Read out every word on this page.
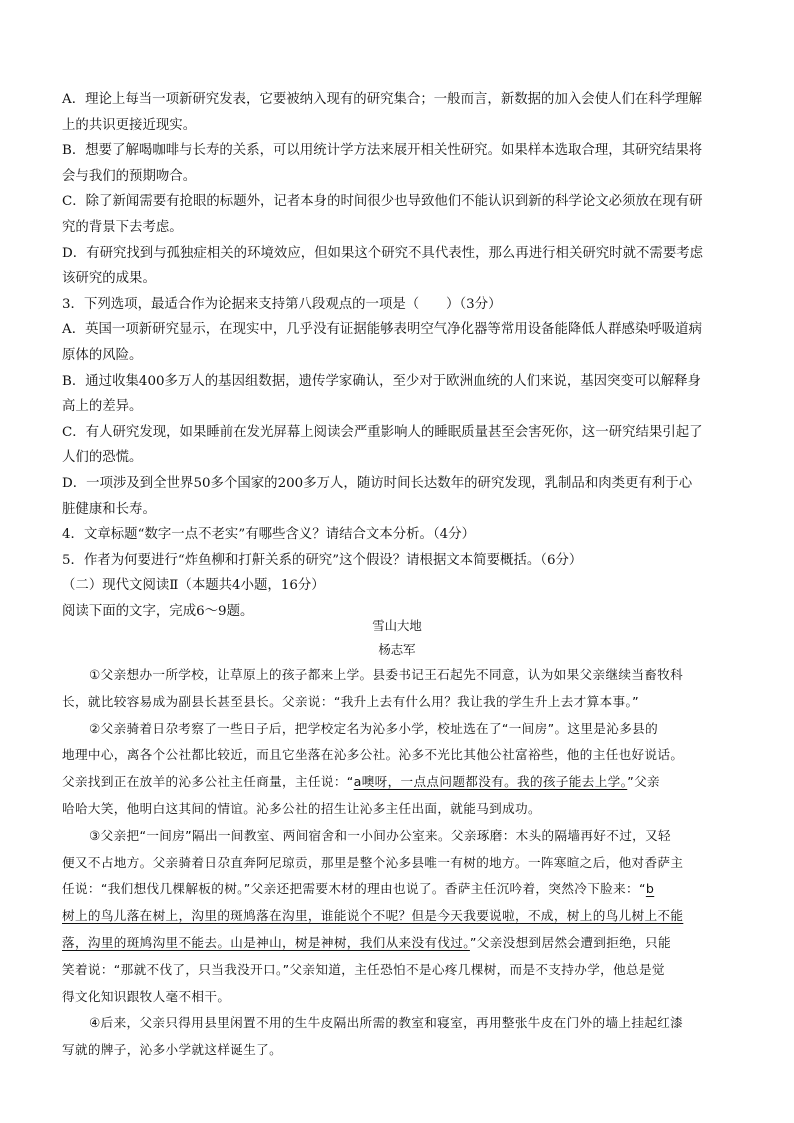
A．理论上每当一项新研究发表，它要被纳入现有的研究集合；一般而言，新数据的加入会使人们在科学理解
上的共识更接近现实。
B．想要了解喝咖啡与长寿的关系，可以用统计学方法来展开相关性研究。如果样本选取合理，其研究结果将
会与我们的预期吻合。
C．除了新闻需要有抢眼的标题外，记者本身的时间很少也导致他们不能认识到新的科学论文必须放在现有研
究的背景下去考虑。
D．有研究找到与孤独症相关的环境效应，但如果这个研究不具代表性，那么再进行相关研究时就不需要考虑
该研究的成果。
3．下列选项，最适合作为论据来支持第八段观点的一项是（　　）（3分）
A．英国一项新研究显示，在现实中，几乎没有证据能够表明空气净化器等常用设备能降低人群感染呼吸道病
原体的风险。
B．通过收集400多万人的基因组数据，遗传学家确认，至少对于欧洲血统的人们来说，基因突变可以解释身
高上的差异。
C．有人研究发现，如果睡前在发光屏幕上阅读会严重影响人的睡眠质量甚至会害死你，这一研究结果引起了
人们的恐慌。
D．一项涉及到全世界50多个国家的200多万人，随访时间长达数年的研究发现，乳制品和肉类更有利于心
脏健康和长寿。
4．文章标题“数字一点不老实”有哪些含义？请结合文本分析。（4分）
5．作者为何要进行“炸鱼柳和打鼾关系的研究”这个假设？请根据文本简要概括。（6分）
（二）现代文阅读Ⅱ（本题共4小题，16分）
阅读下面的文字，完成6～9题。
雪山大地
杨志军
①父亲想办一所学校，让草原上的孩子都来上学。县委书记王石起先不同意，认为如果父亲继续当畜牧科
长，就比较容易成为副县长甚至县长。父亲说：“我升上去有什么用？我让我的学生升上去才算本事。”
②父亲骑着日尕考察了一些日子后，把学校定名为沁多小学，校址选在了“一间房”。这里是沁多县的
地理中心，离各个公社都比较近，而且它坐落在沁多公社。沁多不光比其他公社富裕些，他的主任也好说话。
父亲找到正在放羊的沁多公社主任商量，主任说：“a噢呀，一点点问题都没有。我的孩子能去上学。”父亲
哈哈大笑，他明白这其间的情谊。沁多公社的招生让沁多主任出面，就能马到成功。
③父亲把“一间房”隔出一间教室、两间宿舍和一小间办公室来。父亲琢磨：木头的隔墙再好不过，又轻
便又不占地方。父亲骑着日尕直奔阿尼琼贡，那里是整个沁多县唯一有树的地方。一阵寒暄之后，他对香萨主
任说：“我们想伐几棵解板的树。”父亲还把需要木材的理由也说了。香萨主任沉吟着，突然冷下脸来：“b
树上的鸟儿落在树上，沟里的斑鸠落在沟里，谁能说个不呢？但是今天我要说啦，不成，树上的鸟儿树上不能
落，沟里的斑鸠沟里不能去。山是神山，树是神树，我们从来没有伐过。”父亲没想到居然会遭到拒绝，只能
笑着说：“那就不伐了，只当我没开口。”父亲知道，主任恐怕不是心疼几棵树，而是不支持办学，他总是觉
得文化知识跟牧人毫不相干。
④后来，父亲只得用县里闲置不用的生牛皮隔出所需的教室和寝室，再用整张牛皮在门外的墙上挂起红漆
写就的牌子，沁多小学就这样诞生了。
